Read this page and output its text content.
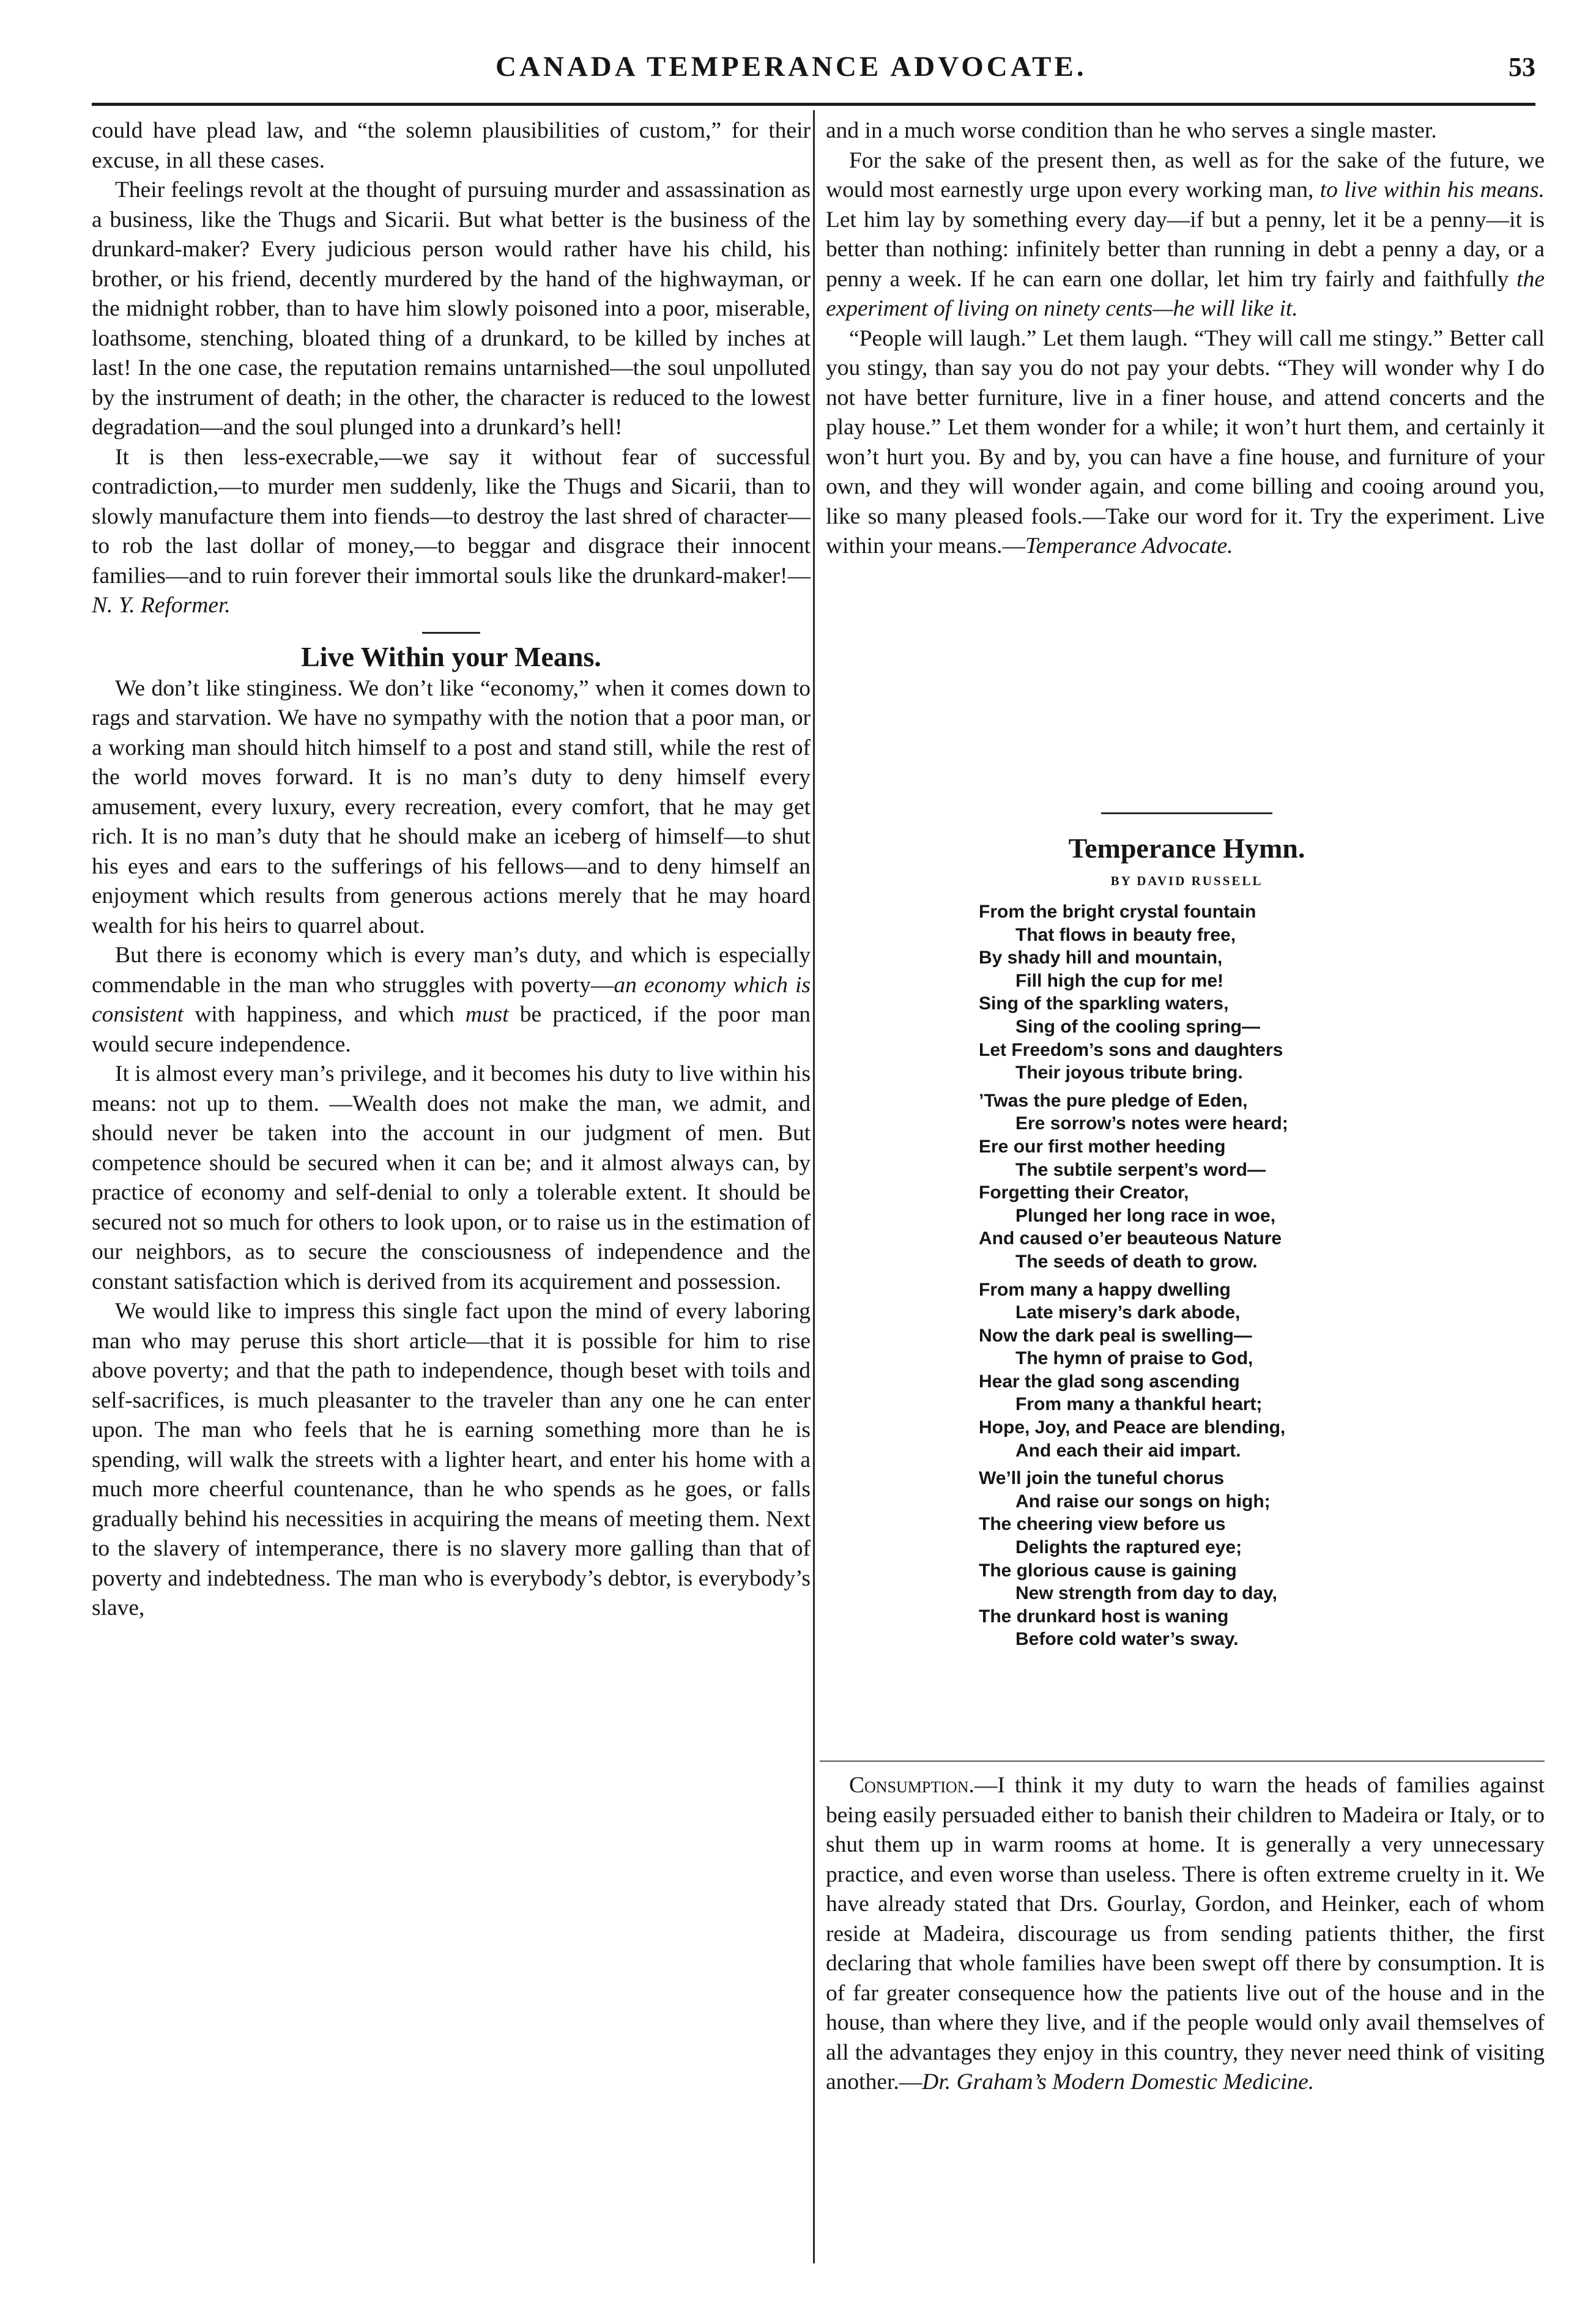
CANADA TEMPERANCE ADVOCATE.	53

could have plead law, and “the solemn plausibilities of custom,” for their excuse, in all these cases.

Their feelings revolt at the thought of pursuing murder and assassination as a business, like the Thugs and Sicarii. But what better is the business of the drunkard-maker? Every judicious person would rather have his child, his brother, or his friend, decently murdered by the hand of the highwayman, or the midnight robber, than to have him slowly poisoned into a poor, miserable, loathsome, stenching, bloated thing of a drunkard, to be killed by inches at last! In the one case, the reputation remains untarnished—the soul unpolluted by the instrument of death; in the other, the character is reduced to the lowest degradation—and the soul plunged into a drunkard’s hell!

It is then less-execrable,—we say it without fear of successful contradiction,—to murder men suddenly, like the Thugs and Sicarii, than to slowly manufacture them into fiends—to destroy the last shred of character—to rob the last dollar of money,—to beggar and disgrace their innocent families—and to ruin forever their immortal souls like the drunkard-maker!—N. Y. Reformer.

Live Within your Means.

We don’t like stinginess. We don’t like “economy,” when it comes down to rags and starvation. We have no sympathy with the notion that a poor man, or a working man should hitch himself to a post and stand still, while the rest of the world moves forward. It is no man’s duty to deny himself every amusement, every luxury, every recreation, every comfort, that he may get rich. It is no man’s duty that he should make an iceberg of himself—to shut his eyes and ears to the sufferings of his fellows—and to deny himself an enjoyment which results from generous actions merely that he may hoard wealth for his heirs to quarrel about.

But there is economy which is every man’s duty, and which is especially commendable in the man who struggles with poverty—an economy which is consistent with happiness, and which must be practiced, if the poor man would secure independence.

It is almost every man’s privilege, and it becomes his duty to live within his means: not up to them. —Wealth does not make the man, we admit, and should never be taken into the account in our judgment of men. But competence should be secured when it can be; and it almost always can, by practice of economy and self-denial to only a tolerable extent. It should be secured not so much for others to look upon, or to raise us in the estimation of our neighbors, as to secure the consciousness of independence and the constant satisfaction which is derived from its acquirement and possession.

We would like to impress this single fact upon the mind of every laboring man who may peruse this short article—that it is possible for him to rise above poverty; and that the path to independence, though beset with toils and self-sacrifices, is much pleasanter to the traveler than any one he can enter upon. The man who feels that he is earning something more than he is spending, will walk the streets with a lighter heart, and enter his home with a much more cheerful countenance, than he who spends as he goes, or falls gradually behind his necessities in acquiring the means of meeting them. Next to the slavery of intemperance, there is no slavery more galling than that of poverty and indebtedness. The man who is everybody’s debtor, is everybody’s slave,

and in a much worse condition than he who serves a single master.

For the sake of the present then, as well as for the sake of the future, we would most earnestly urge upon every working man, to live within his means. Let him lay by something every day—if but a penny, let it be a penny—it is better than nothing: infinitely better than running in debt a penny a day, or a penny a week. If he can earn one dollar, let him try fairly and faithfully the experiment of living on ninety cents—he will like it.

“People will laugh.” Let them laugh. “They will call me stingy.” Better call you stingy, than say you do not pay your debts. “They will wonder why I do not have better furniture, live in a finer house, and attend concerts and the play house.” Let them wonder for a while; it won’t hurt them, and certainly it won’t hurt you. By and by, you can have a fine house, and furniture of your own, and they will wonder again, and come billing and cooing around you, like so many pleased fools.—Take our word for it. Try the experiment. Live within your means.—Temperance Advocate.

Temperance Hymn.
BY DAVID RUSSELL
From the bright crystal fountain
That flows in beauty free,
By shady hill and mountain,
Fill high the cup for me!
Sing of the sparkling waters,
Sing of the cooling spring—
Let Freedom’s sons and daughters
Their joyous tribute bring.
’Twas the pure pledge of Eden,
Ere sorrow’s notes were heard;
Ere our first mother heeding
The subtile serpent’s word—
Forgetting their Creator,
Plunged her long race in woe,
And caused o’er beauteous Nature
The seeds of death to grow.
From many a happy dwelling
Late misery’s dark abode,
Now the dark peal is swelling—
The hymn of praise to God,
Hear the glad song ascending
From many a thankful heart;
Hope, Joy, and Peace are blending,
And each their aid impart.
We’ll join the tuneful chorus
And raise our songs on high;
The cheering view before us
Delights the raptured eye;
The glorious cause is gaining
New strength from day to day,
The drunkard host is waning
Before cold water’s sway.

Consumption.—I think it my duty to warn the heads of families against being easily persuaded either to banish their children to Madeira or Italy, or to shut them up in warm rooms at home. It is generally a very unnecessary practice, and even worse than useless. There is often extreme cruelty in it. We have already stated that Drs. Gourlay, Gordon, and Heinker, each of whom reside at Madeira, discourage us from sending patients thither, the first declaring that whole families have been swept off there by consumption. It is of far greater consequence how the patients live out of the house and in the house, than where they live, and if the people would only avail themselves of all the advantages they enjoy in this country, they never need think of visiting another.—Dr. Graham’s Modern Domestic Medicine.
